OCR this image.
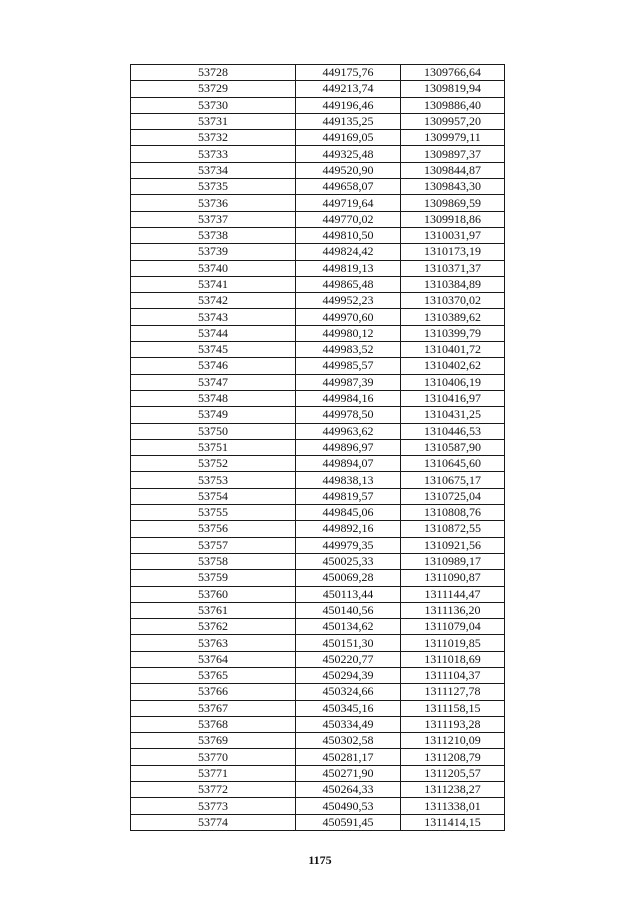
53728	449175,76	1309766,64
53729	449213,74	1309819,94
53730	449196,46	1309886,40
53731	449135,25	1309957,20
53732	449169,05	1309979,11
53733	449325,48	1309897,37
53734	449520,90	1309844,87
53735	449658,07	1309843,30
53736	449719,64	1309869,59
53737	449770,02	1309918,86
53738	449810,50	1310031,97
53739	449824,42	1310173,19
53740	449819,13	1310371,37
53741	449865,48	1310384,89
53742	449952,23	1310370,02
53743	449970,60	1310389,62
53744	449980,12	1310399,79
53745	449983,52	1310401,72
53746	449985,57	1310402,62
53747	449987,39	1310406,19
53748	449984,16	1310416,97
53749	449978,50	1310431,25
53750	449963,62	1310446,53
53751	449896,97	1310587,90
53752	449894,07	1310645,60
53753	449838,13	1310675,17
53754	449819,57	1310725,04
53755	449845,06	1310808,76
53756	449892,16	1310872,55
53757	449979,35	1310921,56
53758	450025,33	1310989,17
53759	450069,28	1311090,87
53760	450113,44	1311144,47
53761	450140,56	1311136,20
53762	450134,62	1311079,04
53763	450151,30	1311019,85
53764	450220,77	1311018,69
53765	450294,39	1311104,37
53766	450324,66	1311127,78
53767	450345,16	1311158,15
53768	450334,49	1311193,28
53769	450302,58	1311210,09
53770	450281,17	1311208,79
53771	450271,90	1311205,57
53772	450264,33	1311238,27
53773	450490,53	1311338,01
53774	450591,45	1311414,15
1175
